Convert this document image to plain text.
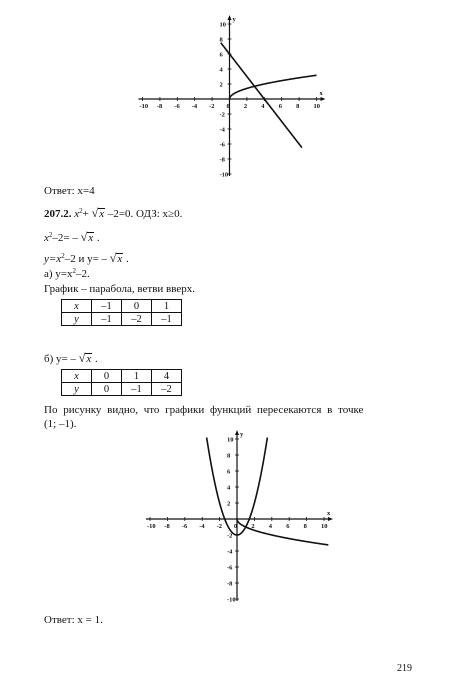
-10 -8 -6 -4 -2 0 2 4 6 8 10
10
8
6
4
2
-2
-4
-6
-8
-10
x
y
-10 -8 -6 -4 -2 0 2 4 6 8 10
10
8
6
4
2
-2
-4
-6
-8
-10
x
y
Ответ: x=4
207.2. $x^2+ √x$ –2=0. ОДЗ: x≥0.
$x^2-2= - √x$ .
$y=x^2-2$ и y= – √x .
а) $y=x^2-2$.
График – парабола, ветви вверх.
x	–1	0	1
y	–1	–2	–1
б) y= – √x .
x	0	1	4
y	0	–1	–2
По рисунку видно, что графики функций пересекаются в точке
(1; –1).
Ответ: x = 1.
219
